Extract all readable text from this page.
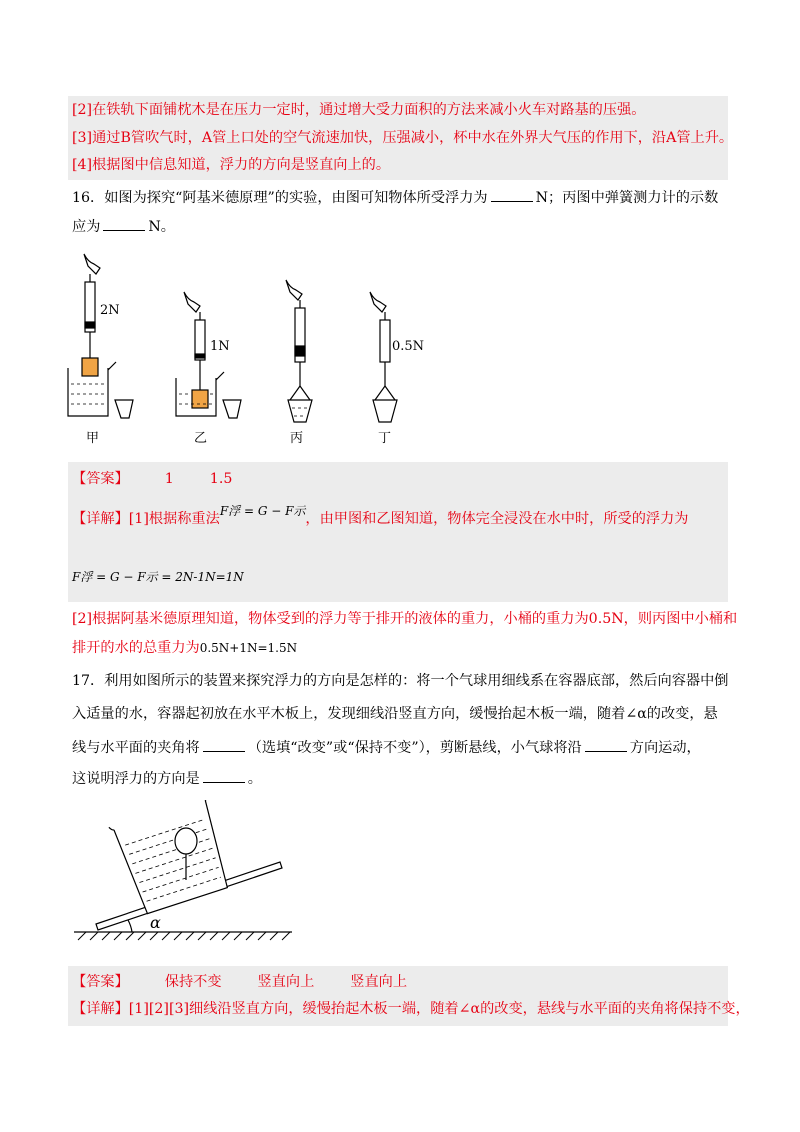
[2]在铁轨下面铺枕木是在压力一定时，通过增大受力面积的方法来减小火车对路基的压强。
[3]通过B管吹气时，A管上口处的空气流速加快，压强减小，杯中水在外界大气压的作用下，沿A管上升。
[4]根据图中信息知道，浮力的方向是竖直向上的。
16．如图为探究“阿基米德原理”的实验，由图可知物体所受浮力为	N；丙图中弹簧测力计的示数
应为	N。
2N
甲
1N
乙	丙
0.5N
丁
【答案】	1	1.5
【详解】[1]根据称重法$^{F浮 = G - F示}$，由甲图和乙图知道，物体完全浸没在水中时，所受的浮力为
F浮 = G − F示 = 2N-1N=1N
[2]根据阿基米德原理知道，物体受到的浮力等于排开的液体的重力，小桶的重力为0.5N，则丙图中小桶和
排开的水的总重力为0.5N+1N=1.5N
17．利用如图所示的装置来探究浮力的方向是怎样的：将一个气球用细线系在容器底部，然后向容器中倒
入适量的水，容器起初放在水平木板上，发现细线沿竖直方向，缓慢抬起木板一端，随着∠α的改变，悬
线与水平面的夹角将	（选填“改变”或“保持不变”），剪断悬线，小气球将沿	方向运动，
这说明浮力的方向是	。
α
【答案】	保持不变	竖直向上	竖直向上
【详解】[1][2][3]细线沿竖直方向，缓慢抬起木板一端，随着∠α的改变，悬线与水平面的夹角将保持不变，
